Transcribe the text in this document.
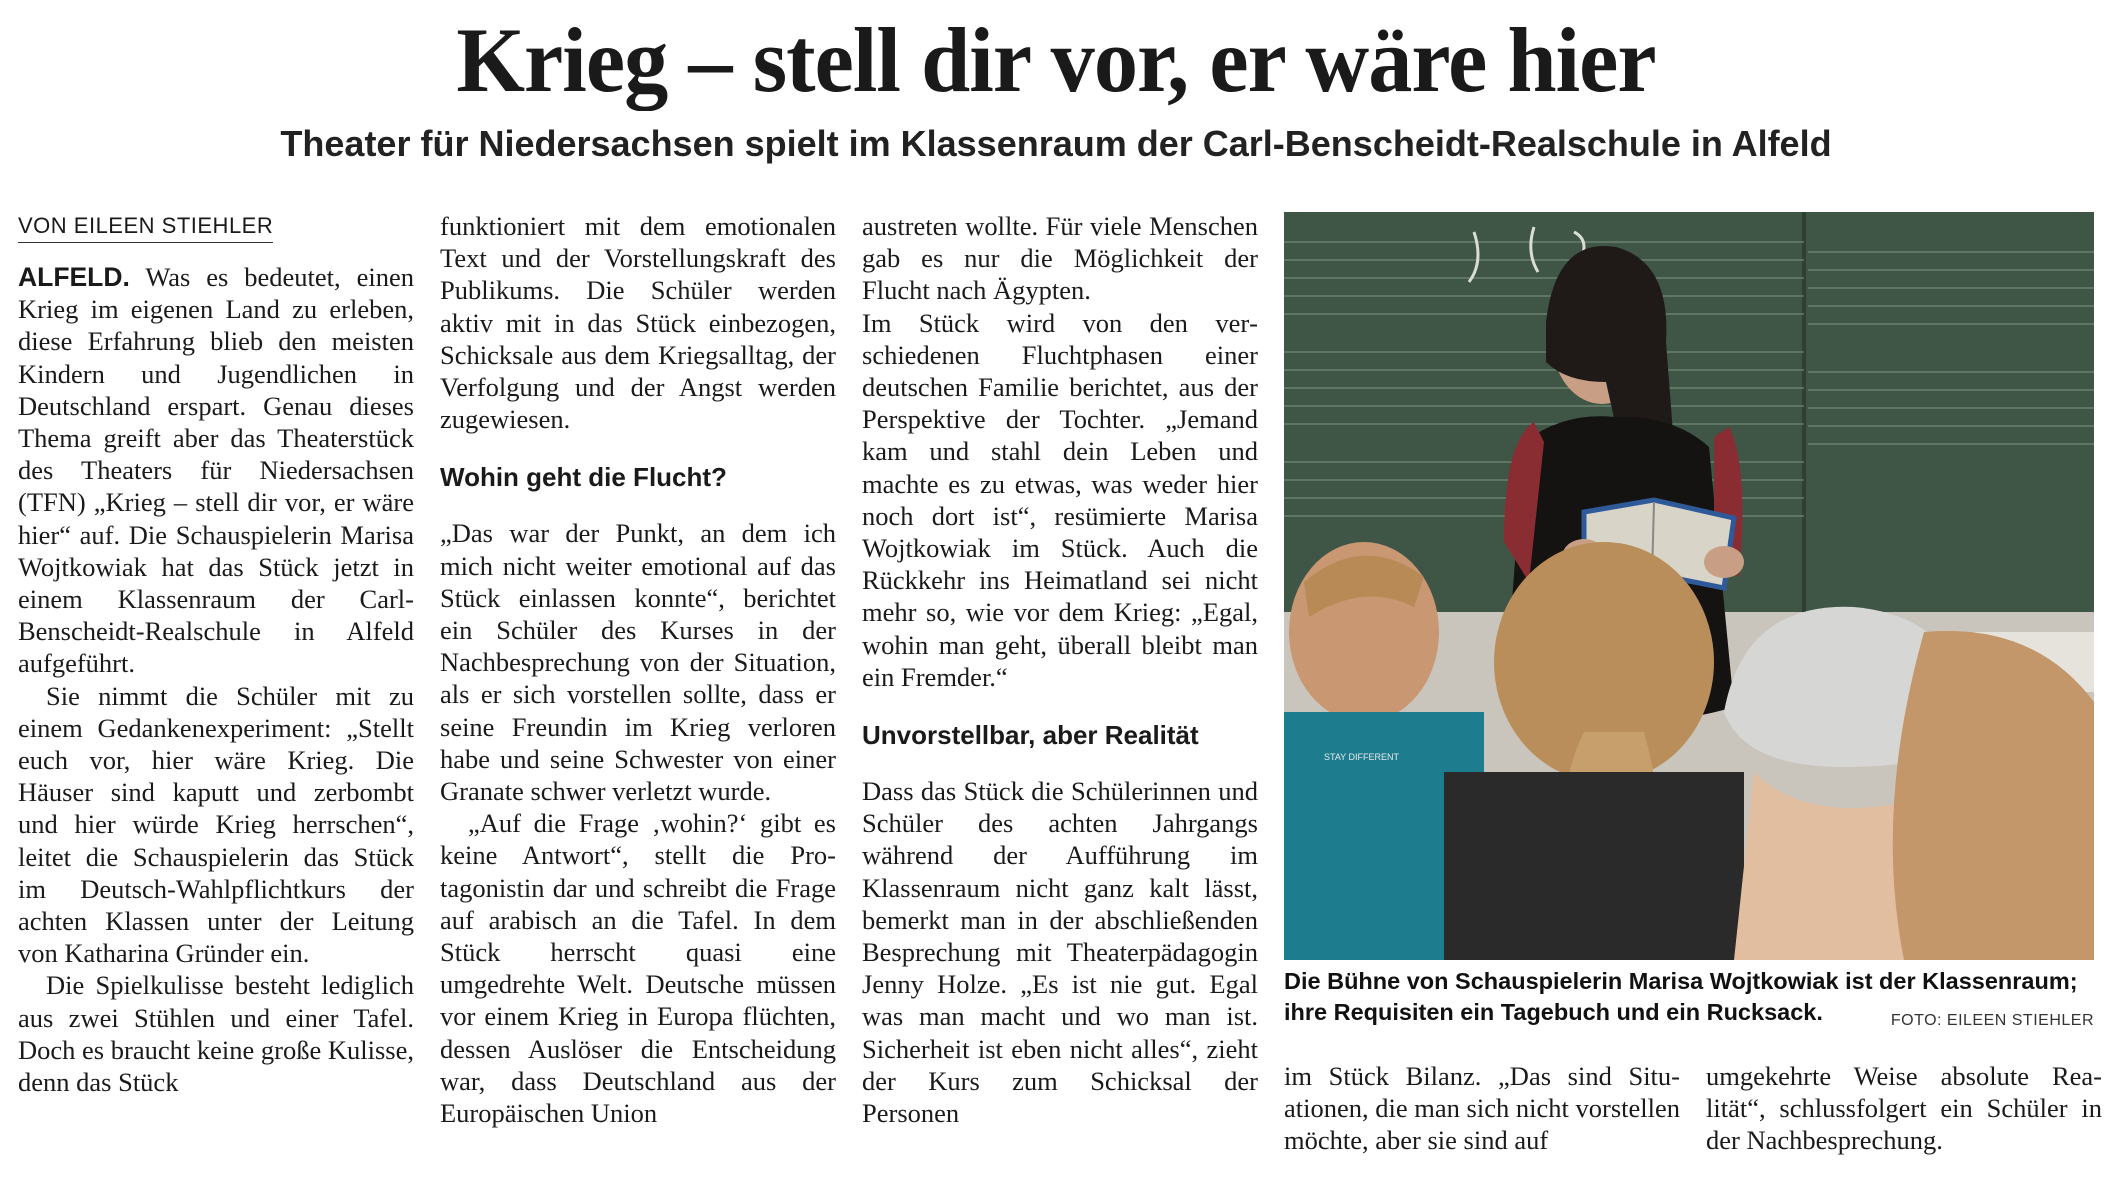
Krieg – stell dir vor, er wäre hier
Theater für Niedersachsen spielt im Klassenraum der Carl-Benscheidt-Realschule in Alfeld
VON EILEEN STIEHLER

ALFELD. Was es bedeutet, einen Krieg im eigenen Land zu erleben, diese Erfahrung blieb den meisten Kindern und Jugendlichen in Deutschland erspart. Genau dieses Thema greift aber das Theaterstück des Theaters für Niedersachsen (TFN) „Krieg – stell dir vor, er wäre hier“ auf. Die Schauspielerin Marisa Wojtkowiak hat das Stück jetzt in einem Klassenraum der Carl-Benscheidt-Realschule in Alfeld aufgeführt.

Sie nimmt die Schüler mit zu einem Gedankenexperiment: „Stellt euch vor, hier wäre Krieg. Die Häuser sind kaputt und zerbombt und hier würde Krieg herrschen“, leitet die Schauspielerin das Stück im Deutsch-Wahlpflichtkurs der achten Klassen unter der Leitung von Katharina Gründer ein.

Die Spielkulisse besteht lediglich aus zwei Stühlen und einer Tafel. Doch es braucht keine große Kulisse, denn das Stück

funktioniert mit dem emotionalen Text und der Vorstellungskraft des Publikums. Die Schüler werden aktiv mit in das Stück einbezogen, Schicksale aus dem Kriegsalltag, der Verfolgung und der Angst werden zugewiesen.

Wohin geht die Flucht?

„Das war der Punkt, an dem ich mich nicht weiter emotional auf das Stück einlassen konnte“, berichtet ein Schüler des Kurses in der Nachbesprechung von der Situation, als er sich vorstellen sollte, dass er seine Freundin im Krieg verloren habe und seine Schwester von einer Granate schwer verletzt wurde.

„Auf die Frage ‚wohin?‘ gibt es keine Antwort“, stellt die Protagonistin dar und schreibt die Frage auf arabisch an die Tafel. In dem Stück herrscht quasi eine umgedrehte Welt. Deutsche müssen vor einem Krieg in Europa flüchten, dessen Auslöser die Entscheidung war, dass Deutschland aus der Europäischen Union

austreten wollte. Für viele Menschen gab es nur die Möglichkeit der Flucht nach Ägypten.

Im Stück wird von den verschiedenen Fluchtphasen einer deutschen Familie berichtet, aus der Perspektive der Tochter. „Jemand kam und stahl dein Leben und machte es zu etwas, was weder hier noch dort ist“, resümierte Marisa Wojtkowiak im Stück. Auch die Rückkehr ins Heimatland sei nicht mehr so, wie vor dem Krieg: „Egal, wohin man geht, überall bleibt man ein Fremder.“

Unvorstellbar, aber Realität

Dass das Stück die Schülerinnen und Schüler des achten Jahrgangs während der Aufführung im Klassenraum nicht ganz kalt lässt, bemerkt man in der abschließenden Besprechung mit Theaterpädagogin Jenny Holze. „Es ist nie gut. Egal was man macht und wo man ist. Sicherheit ist eben nicht alles“, zieht der Kurs zum Schicksal der Personen

STAY DIFFERENT
Die Bühne von Schauspielerin Marisa Wojtkowiak ist der Klassenraum; ihre Requisiten ein Tagebuch und ein Rucksack.	FOTO: EILEEN STIEHLER

im Stück Bilanz. „Das sind Situationen, die man sich nicht vorstellen möchte, aber sie sind auf

umgekehrte Weise absolute Realität“, schlussfolgert ein Schüler in der Nachbesprechung.
